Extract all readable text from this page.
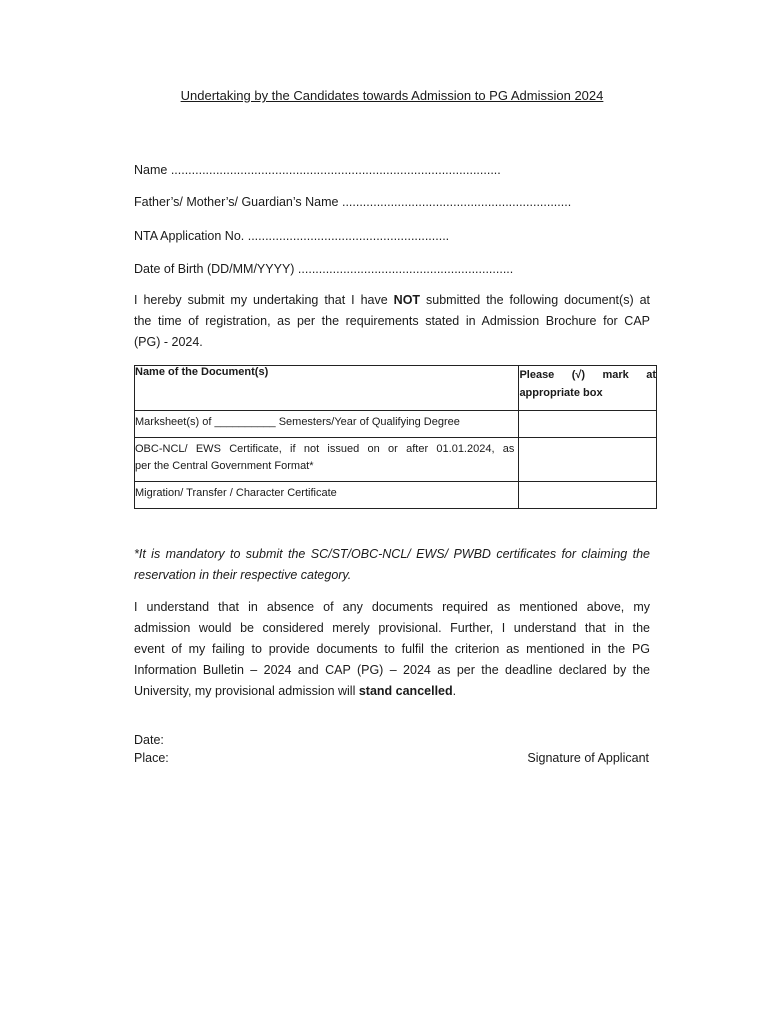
Undertaking by the Candidates towards Admission to PG Admission 2024
Name ...............................................................................................
Father’s/ Mother’s/ Guardian’s Name ..................................................................
NTA Application No. ..........................................................
Date of Birth (DD/MM/YYYY) ..............................................................
I hereby submit my undertaking that I have NOT submitted the following document(s) at
the time of registration, as per the requirements stated in Admission Brochure for CAP
(PG) - 2024.
Name of the Document(s)	Please (√) mark at
appropriate box

Marksheet(s) of __________ Semesters/Year of Qualifying Degree	

OBC-NCL/ EWS Certificate, if not issued on or after 01.01.2024, as
per the Central Government Format*	

Migration/ Transfer / Character Certificate	

*It is mandatory to submit the SC/ST/OBC-NCL/ EWS/ PWBD certificates for claiming the
reservation in their respective category.
I understand that in absence of any documents required as mentioned above, my
admission would be considered merely provisional. Further, I understand that in the
event of my failing to provide documents to fulfil the criterion as mentioned in the PG
Information Bulletin – 2024 and CAP (PG) – 2024 as per the deadline declared by the
University, my provisional admission will stand cancelled.
Date:
Place:	Signature of Applicant
